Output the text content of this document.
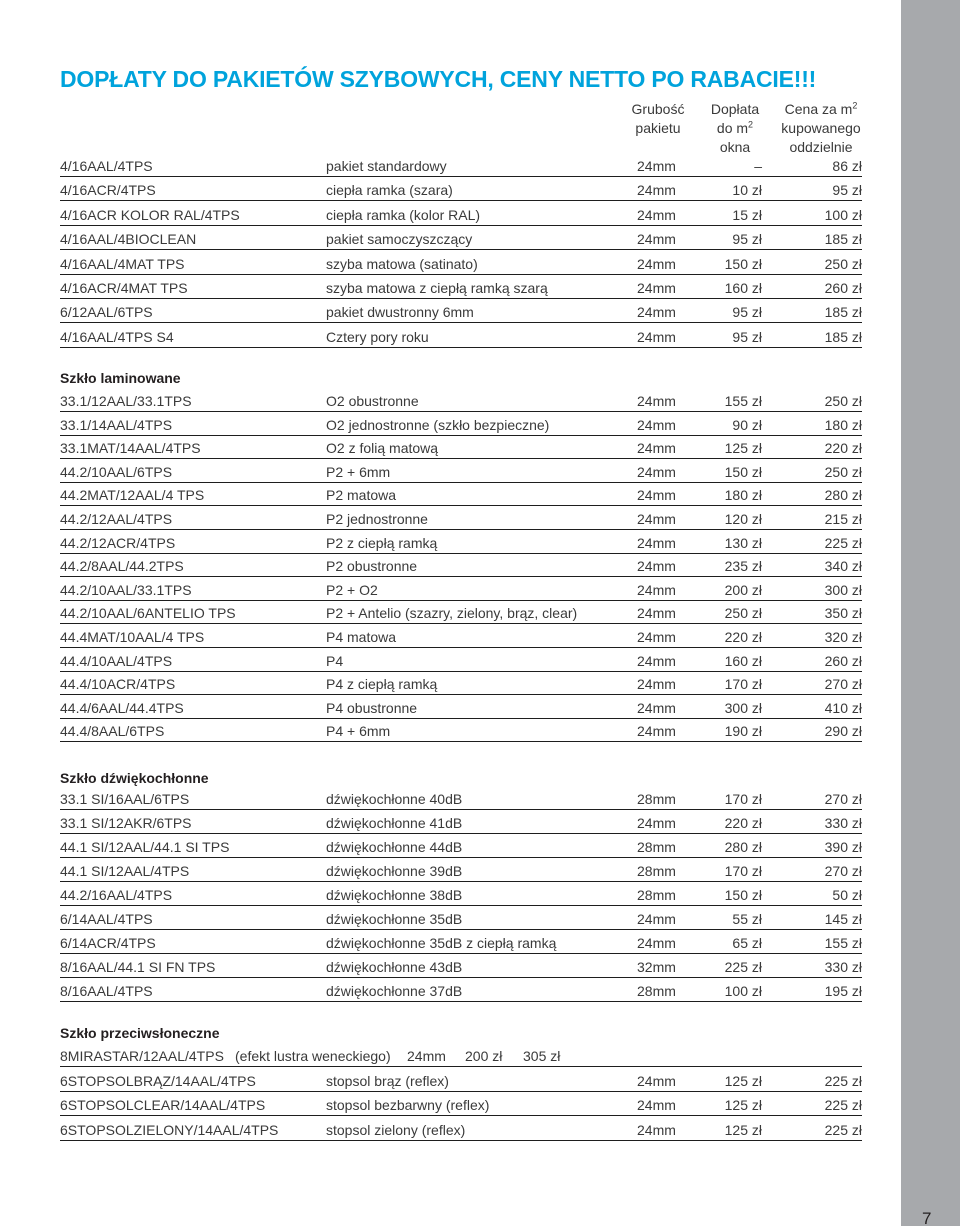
7
DOPŁATY DO PAKIETÓW SZYBOWYCH, CENY NETTO PO RABACIE!!!
Grubość
pakietu
Dopłata
do $m^2$
okna
Cena za $m^2$
kupowanego
oddzielnie
4/16AAL/4TPS	pakiet standardowy	24mm	–	86 zł
4/16ACR/4TPS	ciepła ramka (szara)	24mm	10 zł	95 zł
4/16ACR KOLOR RAL/4TPS	ciepła ramka (kolor RAL)	24mm	15 zł	100 zł
4/16AAL/4BIOCLEAN	pakiet samoczyszczący	24mm	95 zł	185 zł
4/16AAL/4MAT TPS	szyba matowa (satinato)	24mm	150 zł	250 zł
4/16ACR/4MAT TPS	szyba matowa z ciepłą ramką szarą	24mm	160 zł	260 zł
6/12AAL/6TPS	pakiet dwustronny 6mm	24mm	95 zł	185 zł
4/16AAL/4TPS S4	Cztery pory roku	24mm	95 zł	185 zł
Szkło laminowane
33.1/12AAL/33.1TPS	O2 obustronne	24mm	155 zł	250 zł
33.1/14AAL/4TPS	O2 jednostronne (szkło bezpieczne)	24mm	90 zł	180 zł
33.1MAT/14AAL/4TPS	O2 z folią matową	24mm	125 zł	220 zł
44.2/10AAL/6TPS	P2 + 6mm	24mm	150 zł	250 zł
44.2MAT/12AAL/4 TPS	P2 matowa	24mm	180 zł	280 zł
44.2/12AAL/4TPS	P2 jednostronne	24mm	120 zł	215 zł
44.2/12ACR/4TPS	P2 z ciepłą ramką	24mm	130 zł	225 zł
44.2/8AAL/44.2TPS	P2 obustronne	24mm	235 zł	340 zł
44.2/10AAL/33.1TPS	P2 + O2	24mm	200 zł	300 zł
44.2/10AAL/6ANTELIO TPS	P2 + Antelio (szazry, zielony, brąz, clear)	24mm	250 zł	350 zł
44.4MAT/10AAL/4 TPS	P4 matowa	24mm	220 zł	320 zł
44.4/10AAL/4TPS	P4	24mm	160 zł	260 zł
44.4/10ACR/4TPS	P4 z ciepłą ramką	24mm	170 zł	270 zł
44.4/6AAL/44.4TPS	P4 obustronne	24mm	300 zł	410 zł
44.4/8AAL/6TPS	P4 + 6mm	24mm	190 zł	290 zł
Szkło dźwiękochłonne
33.1 SI/16AAL/6TPS	dźwiękochłonne 40dB	28mm	170 zł	270 zł
33.1 SI/12AKR/6TPS	dźwiękochłonne 41dB	24mm	220 zł	330 zł
44.1 SI/12AAL/44.1 SI TPS	dźwiękochłonne 44dB	28mm	280 zł	390 zł
44.1 SI/12AAL/4TPS	dźwiękochłonne 39dB	28mm	170 zł	270 zł
44.2/16AAL/4TPS	dźwiękochłonne 38dB	28mm	150 zł	50 zł
6/14AAL/4TPS	dźwiękochłonne 35dB	24mm	55 zł	145 zł
6/14ACR/4TPS	dźwiękochłonne 35dB z ciepłą ramką	24mm	65 zł	155 zł
8/16AAL/44.1 SI FN TPS	dźwiękochłonne 43dB	32mm	225 zł	330 zł
8/16AAL/4TPS	dźwiękochłonne 37dB	28mm	100 zł	195 zł
Szkło przeciwsłoneczne
8MIRASTAR/12AAL/4TPS (efekt lustra weneckiego) 24mm 200 zł 305 zł
6STOPSOLBRĄZ/14AAL/4TPS	stopsol brąz (reflex)	24mm	125 zł	225 zł
6STOPSOLCLEAR/14AAL/4TPS	stopsol bezbarwny (reflex)	24mm	125 zł	225 zł
6STOPSOLZIELONY/14AAL/4TPS	stopsol zielony (reflex)	24mm	125 zł	225 zł
